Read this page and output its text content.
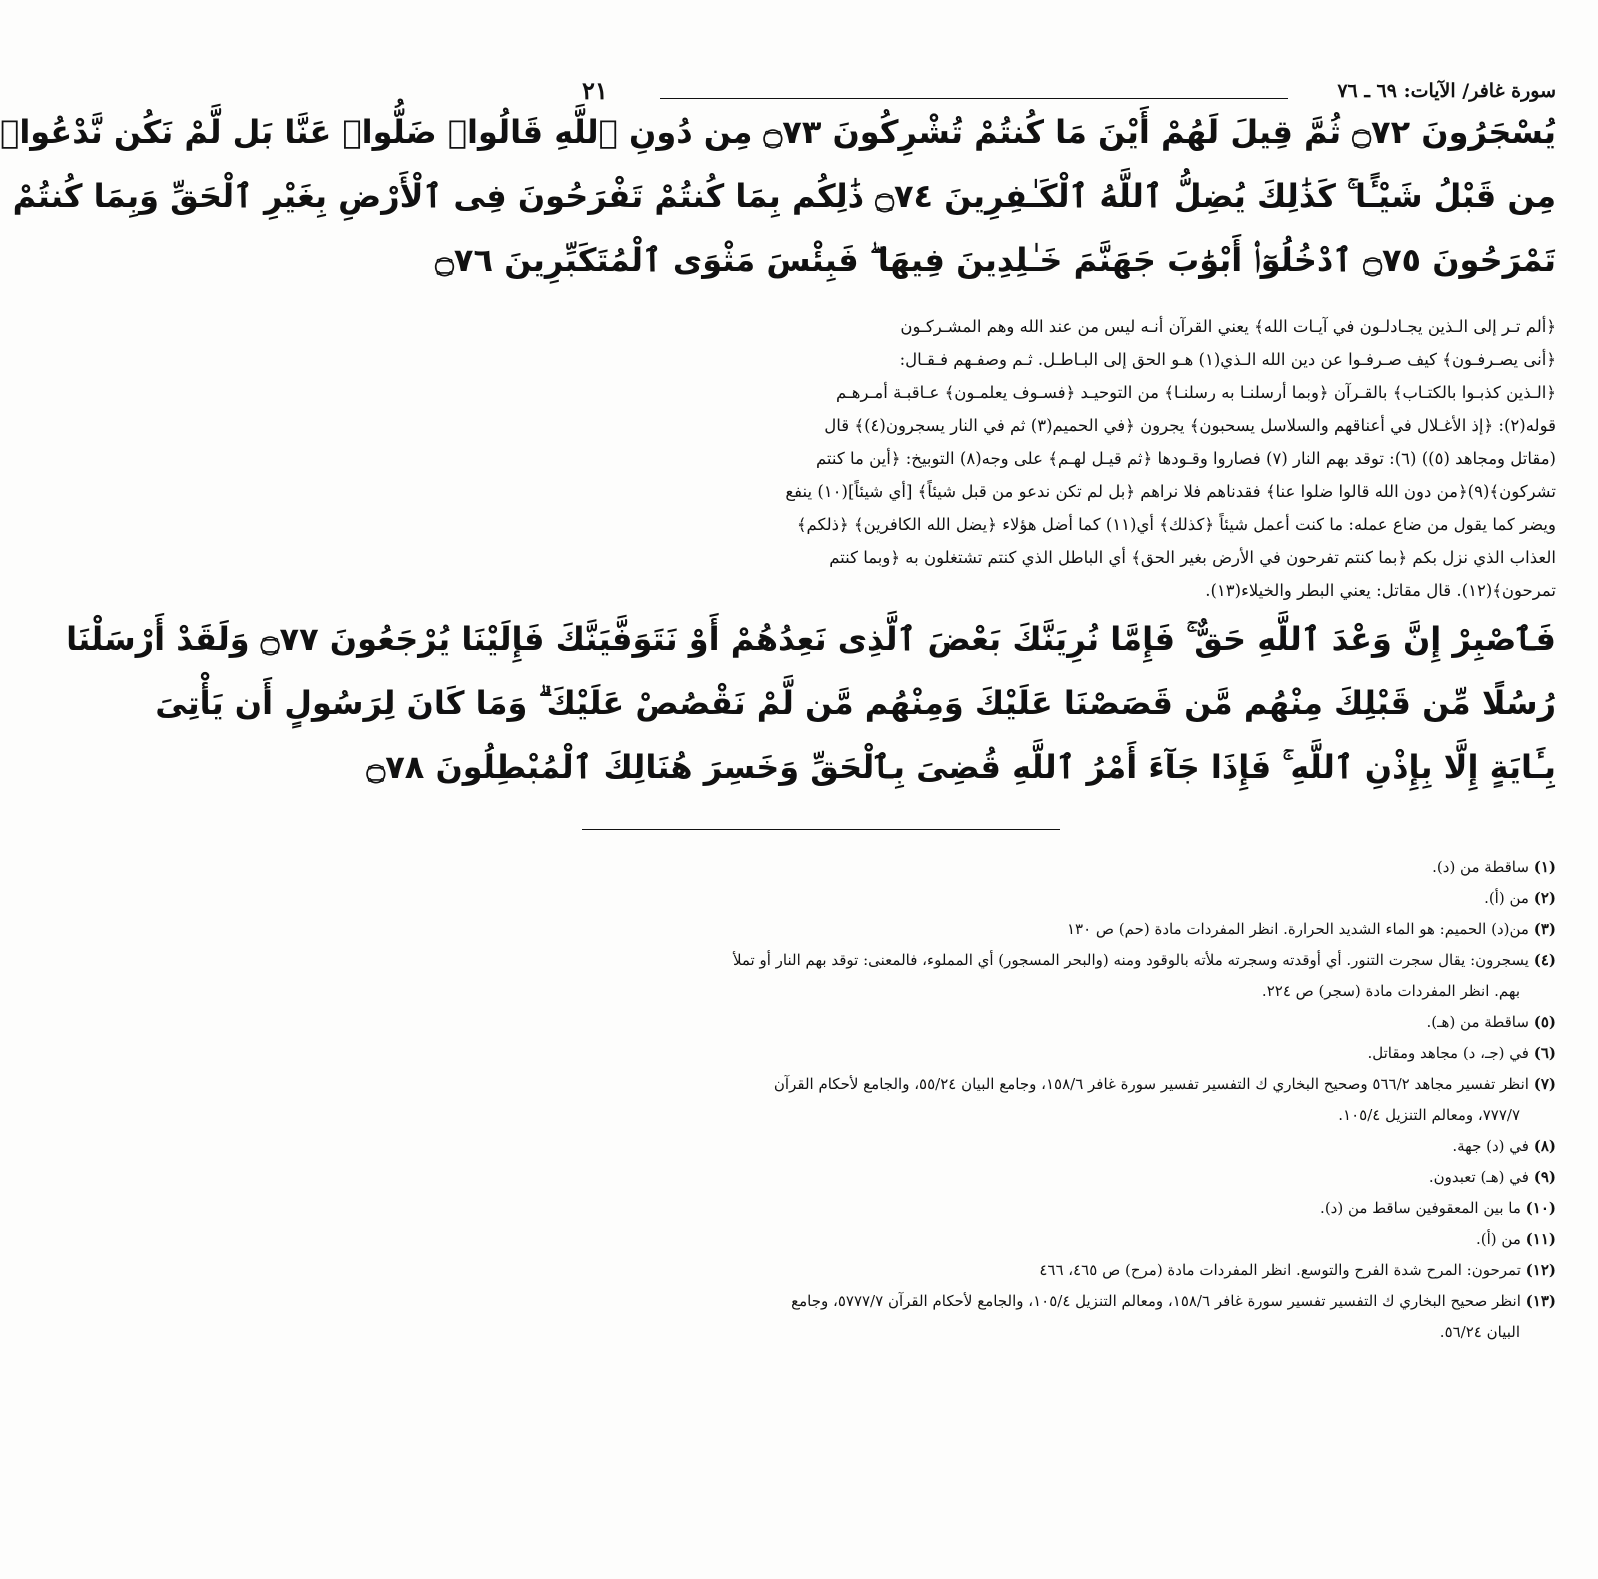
سورة غافر/ الآيات: ٦٩ ـ ٧٦
٢١
يُسْجَرُونَ ۝٧٢ ثُمَّ قِيلَ لَهُمْ أَيْنَ مَا كُنتُمْ تُشْرِكُونَ ۝٧٣ مِن دُونِ ٱللَّهِ قَالُوا۟ ضَلُّوا۟ عَنَّا بَل لَّمْ نَكُن نَّدْعُوا۟
مِن قَبْلُ شَيْـًٔا ۚ كَذَٰلِكَ يُضِلُّ ٱللَّهُ ٱلْكَـٰفِرِينَ ۝٧٤ ذَٰلِكُم بِمَا كُنتُمْ تَفْرَحُونَ فِى ٱلْأَرْضِ بِغَيْرِ ٱلْحَقِّ وَبِمَا كُنتُمْ
تَمْرَحُونَ ۝٧٥ ٱدْخُلُوٓا۟ أَبْوَٰبَ جَهَنَّمَ خَـٰلِدِينَ فِيهَا ۖ فَبِئْسَ مَثْوَى ٱلْمُتَكَبِّرِينَ ۝٧٦

﴿ألم تـر إلى الـذين يجـادلـون في آيـات الله﴾ يعني القرآن أنـه ليس من عند الله وهم المشـركـون

﴿أنى يصـرفـون﴾ كيف صـرفـوا عن دين الله الـذي(١) هـو الحق إلى البـاطـل. ثـم وصفـهم فـقـال:

﴿الـذين كذبـوا بالكتـاب﴾ بالقـرآن ﴿وبما أرسلنـا به رسلنـا﴾ من التوحيـد ﴿فسـوف يعلمـون﴾ عـاقبـة أمـرهـم

قوله(٢): ﴿إذ الأغـلال في أعناقهم والسلاسل يسحبون﴾ يجرون ﴿في الحميم(٣) ثم في النار يسجرون(٤)﴾ قال

(مقاتل ومجاهد (٥)) (٦): توقد بهم النار (٧) فصاروا وقـودها ﴿ثم قيـل لهـم﴾ على وجه(٨) التوبيخ: ﴿أين ما كنتم

تشركون﴾(٩)﴿من دون الله قالوا ضلوا عنا﴾ فقدناهم فلا نراهم ﴿بل لم تكن ندعو من قبل شيئاً﴾ [أي شيئاً](١٠) ينفع

ويضر كما يقول من ضاع عمله: ما كنت أعمل شيئاً ﴿كذلك﴾ أي(١١) كما أضل هؤلاء ﴿يضل الله الكافرين﴾ ﴿ذلكم﴾

العذاب الذي نزل بكم ﴿بما كنتم تفرحون في الأرض بغير الحق﴾ أي الباطل الذي كنتم تشتغلون به ﴿وبما كنتم

تمرحون﴾(١٢). قال مقاتل: يعني البطر والخيلاء(١٣).

فَٱصْبِرْ إِنَّ وَعْدَ ٱللَّهِ حَقٌّ ۚ فَإِمَّا نُرِيَنَّكَ بَعْضَ ٱلَّذِى نَعِدُهُمْ أَوْ نَتَوَفَّيَنَّكَ فَإِلَيْنَا يُرْجَعُونَ ۝٧٧ وَلَقَدْ أَرْسَلْنَا
رُسُلًا مِّن قَبْلِكَ مِنْهُم مَّن قَصَصْنَا عَلَيْكَ وَمِنْهُم مَّن لَّمْ نَقْصُصْ عَلَيْكَ ۗ وَمَا كَانَ لِرَسُولٍ أَن يَأْتِىَ
بِـَٔايَةٍ إِلَّا بِإِذْنِ ٱللَّهِ ۚ فَإِذَا جَآءَ أَمْرُ ٱللَّهِ قُضِىَ بِٱلْحَقِّ وَخَسِرَ هُنَالِكَ ٱلْمُبْطِلُونَ ۝٧٨
(١) ساقطة من (د).
(٢) من (أ).
(٣) من(د) الحميم: هو الماء الشديد الحرارة. انظر المفردات مادة (حم) ص ١٣٠
(٤) يسجرون: يقال سجرت التنور. أي أوقدته وسجرته ملأته بالوقود ومنه (والبحر المسجور) أي المملوء، فالمعنى: توقد بهم النار أو تملأ
بهم. انظر المفردات مادة (سجر) ص ٢٢٤.
(٥) ساقطة من (هـ).
(٦) في (جـ، د) مجاهد ومقاتل.
(٧) انظر تفسير مجاهد ٥٦٦/٢ وصحيح البخاري ك التفسير تفسير سورة غافر ١٥٨/٦، وجامع البيان ٥٥/٢٤، والجامع لأحكام القرآن
٧٧٧/٧، ومعالم التنزيل ١٠٥/٤.
(٨) في (د) جهة.
(٩) في (هـ) تعبدون.
(١٠) ما بين المعقوفين ساقط من (د).
(١١) من (أ).
(١٢) تمرحون: المرح شدة الفرح والتوسع. انظر المفردات مادة (مرح) ص ٤٦٥، ٤٦٦
(١٣) انظر صحيح البخاري ك التفسير تفسير سورة غافر ١٥٨/٦، ومعالم التنزيل ١٠٥/٤، والجامع لأحكام القرآن ٥٧٧٧/٧، وجامع
البيان ٥٦/٢٤.
